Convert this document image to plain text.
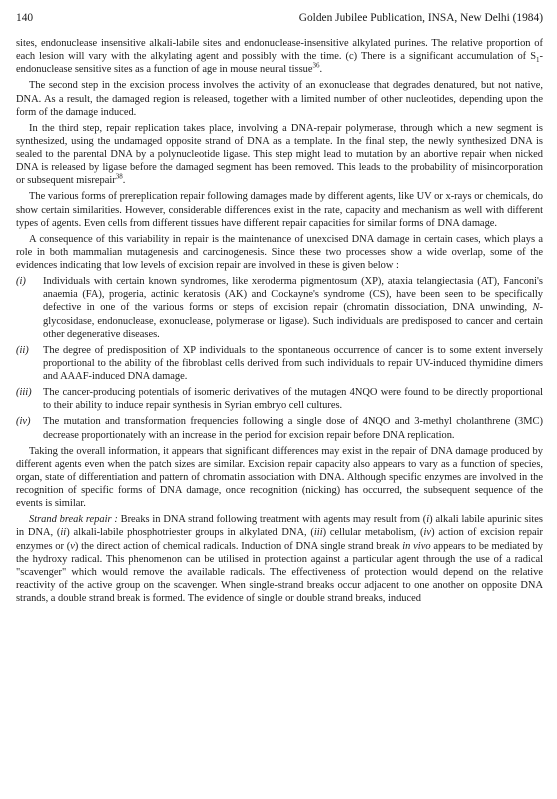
140	Golden Jubilee Publication, INSA, New Delhi (1984)

sites, endonuclease insensitive alkali-labile sites and endonuclease-insensitive alkylated purines. The relative proportion of each lesion will vary with the alkylating agent and possibly with the time. (c) There is a significant accumulation of $S_1$-endonuclease sensitive sites as a function of age in mouse neural tissue$^{36}$.

The second step in the excision process involves the activity of an exonuclease that degrades denatured, but not native, DNA. As a result, the damaged region is released, together with a limited number of other nucleotides, depending upon the form of the damage induced.

In the third step, repair replication takes place, involving a DNA-repair polymerase, through which a new segment is synthesized, using the undamaged opposite strand of DNA as a template. In the final step, the newly synthesized DNA is sealed to the parental DNA by a polynucleotide ligase. This step might lead to mutation by an abortive repair when nicked DNA is released by ligase before the damaged segment has been removed. This leads to the probability of misincorporation or subsequent misrepair$^{38}$.

The various forms of prereplication repair following damages made by different agents, like UV or x-rays or chemicals, do show certain similarities. However, considerable differences exist in the rate, capacity and mechanism as well with different types of agents. Even cells from different tissues have different repair capacities for similar forms of DNA damage.

A consequence of this variability in repair is the maintenance of unexcised DNA damage in certain cases, which plays a role in both mammalian mutagenesis and carcinogenesis. Since these two processes show a wide overlap, some of the evidences indicating that low levels of excision repair are involved in these is given below :

(i)	Individuals with certain known syndromes, like xeroderma pigmentosum (XP), ataxia telangiectasia (AT), Fanconi's anaemia (FA), progeria, actinic keratosis (AK) and Cockayne's syndrome (CS), have been seen to be specifically defective in one of the various forms or steps of excision repair (chromatin dissociation, DNA unwinding, N-glycosidase, endonuclease, exonuclease, polymerase or ligase). Such individuals are predisposed to cancer and certain other degenerative diseases.
(ii)	The degree of predisposition of XP individuals to the spontaneous occurrence of cancer is to some extent inversely proportional to the ability of the fibroblast cells derived from such individuals to repair UV-induced thymidine dimers and AAAF-induced DNA damage.
(iii)	The cancer-producing potentials of isomeric derivatives of the mutagen 4NQO were found to be directly proportional to their ability to induce repair synthesis in Syrian embryo cell cultures.
(iv)	The mutation and transformation frequencies following a single dose of 4NQO and 3-methyl cholanthrene (3MC) decrease proportionately with an increase in the period for excision repair before DNA replication.

Taking the overall information, it appears that significant differences may exist in the repair of DNA damage produced by different agents even when the patch sizes are similar. Excision repair capacity also appears to vary as a function of species, organ, state of differentiation and pattern of chromatin association with DNA. Although specific enzymes are involved in the recognition of specific forms of DNA damage, once recognition (nicking) has occurred, the subsequent sequence of the events is similar.

Strand break repair : Breaks in DNA strand following treatment with agents may result from (i) alkali labile apurinic sites in DNA, (ii) alkali-labile phosphotriester groups in alkylated DNA, (iii) cellular metabolism, (iv) action of excision repair enzymes or (v) the direct action of chemical radicals. Induction of DNA single strand break in vivo appears to be mediated by the hydroxy radical. This phenomenon can be utilised in protection against a particular agent through the use of a radical "scavenger" which would remove the available radicals. The effectiveness of protection would depend on the relative reactivity of the active group on the scavenger. When single-strand breaks occur adjacent to one another on opposite DNA strands, a double strand break is formed. The evidence of single or double strand breaks, induced
